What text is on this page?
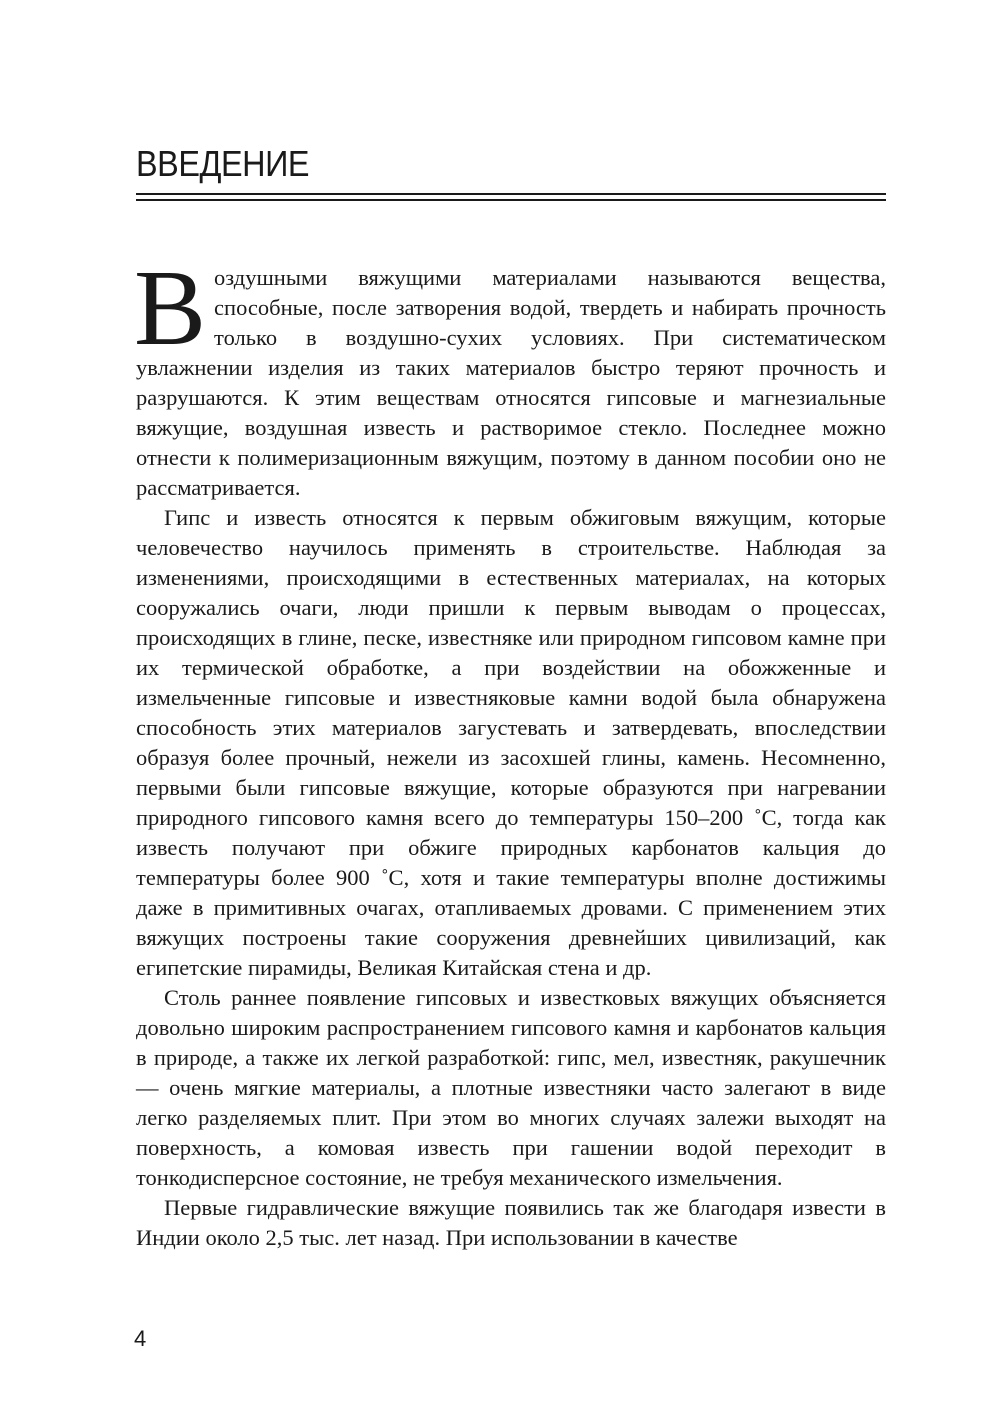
ВВЕДЕНИЕ

Воздушными вяжущими материалами называются вещества, способные, после затворения водой, твердеть и набирать прочность только в воздушно-сухих условиях. При систематическом увлажнении изделия из таких материалов быстро теряют прочность и разрушаются. К этим веществам относятся гипсовые и магнезиальные вяжущие, воздушная известь и растворимое стекло. Последнее можно отнести к полимеризационным вяжущим, поэтому в данном пособии оно не рассматривается.

Гипс и известь относятся к первым обжиговым вяжущим, которые человечество научилось применять в строительстве. Наблюдая за изменениями, происходящими в естественных материалах, на которых сооружались очаги, люди пришли к первым выводам о процессах, происходящих в глине, песке, известняке или природном гипсовом камне при их термической обработке, а при воздействии на обожженные и измельченные гипсовые и известняковые камни водой была обнаружена способность этих материалов загустевать и затвердевать, впоследствии образуя более прочный, нежели из засохшей глины, камень. Несомненно, первыми были гипсовые вяжущие, которые образуются при нагревании природного гипсового камня всего до температуры 150–200 ˚С, тогда как известь получают при обжиге природных карбонатов кальция до температуры более 900 ˚С, хотя и такие температуры вполне достижимы даже в примитивных очагах, отапливаемых дровами. С применением этих вяжущих построены такие сооружения древнейших цивилизаций, как египетские пирамиды, Великая Китайская стена и др.

Столь раннее появление гипсовых и известковых вяжущих объясняется довольно широким распространением гипсового камня и карбонатов кальция в природе, а также их легкой разработкой: гипс, мел, известняк, ракушечник — очень мягкие материалы, а плотные известняки часто залегают в виде легко разделяемых плит. При этом во многих случаях залежи выходят на поверхность, а комовая известь при гашении водой переходит в тонкодисперсное состояние, не требуя механического измельчения.

Первые гидравлические вяжущие появились так же благодаря извести в Индии около 2,5 тыс. лет назад. При использовании в качестве

4
